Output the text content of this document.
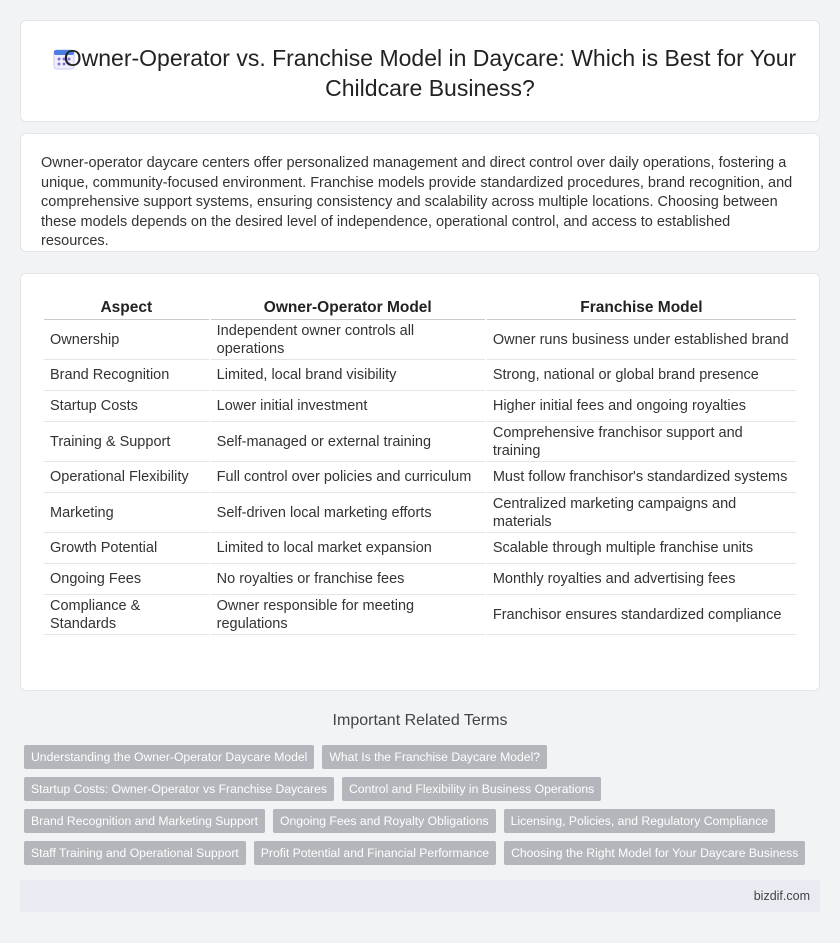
Owner-Operator vs. Franchise Model in Daycare: Which is Best for Your Childcare Business?

Owner-operator daycare centers offer personalized management and direct control over daily operations, fostering a unique, community-focused environment. Franchise models provide standardized procedures, brand recognition, and comprehensive support systems, ensuring consistency and scalability across multiple locations. Choosing between these models depends on the desired level of independence, operational control, and access to established resources.

Aspect	Owner-Operator Model	Franchise Model
Ownership	Independent owner controls all operations	Owner runs business under established brand
Brand Recognition	Limited, local brand visibility	Strong, national or global brand presence
Startup Costs	Lower initial investment	Higher initial fees and ongoing royalties
Training & Support	Self-managed or external training	Comprehensive franchisor support and training
Operational Flexibility	Full control over policies and curriculum	Must follow franchisor's standardized systems
Marketing	Self-driven local marketing efforts	Centralized marketing campaigns and materials
Growth Potential	Limited to local market expansion	Scalable through multiple franchise units
Ongoing Fees	No royalties or franchise fees	Monthly royalties and advertising fees
Compliance & Standards	Owner responsible for meeting regulations	Franchisor ensures standardized compliance
Important Related Terms
Understanding the Owner-Operator Daycare Model	What Is the Franchise Daycare Model?
Startup Costs: Owner-Operator vs Franchise Daycares	Control and Flexibility in Business Operations
Brand Recognition and Marketing Support	Ongoing Fees and Royalty Obligations	Licensing, Policies, and Regulatory Compliance
Staff Training and Operational Support	Profit Potential and Financial Performance	Choosing the Right Model for Your Daycare Business
bizdif.com
